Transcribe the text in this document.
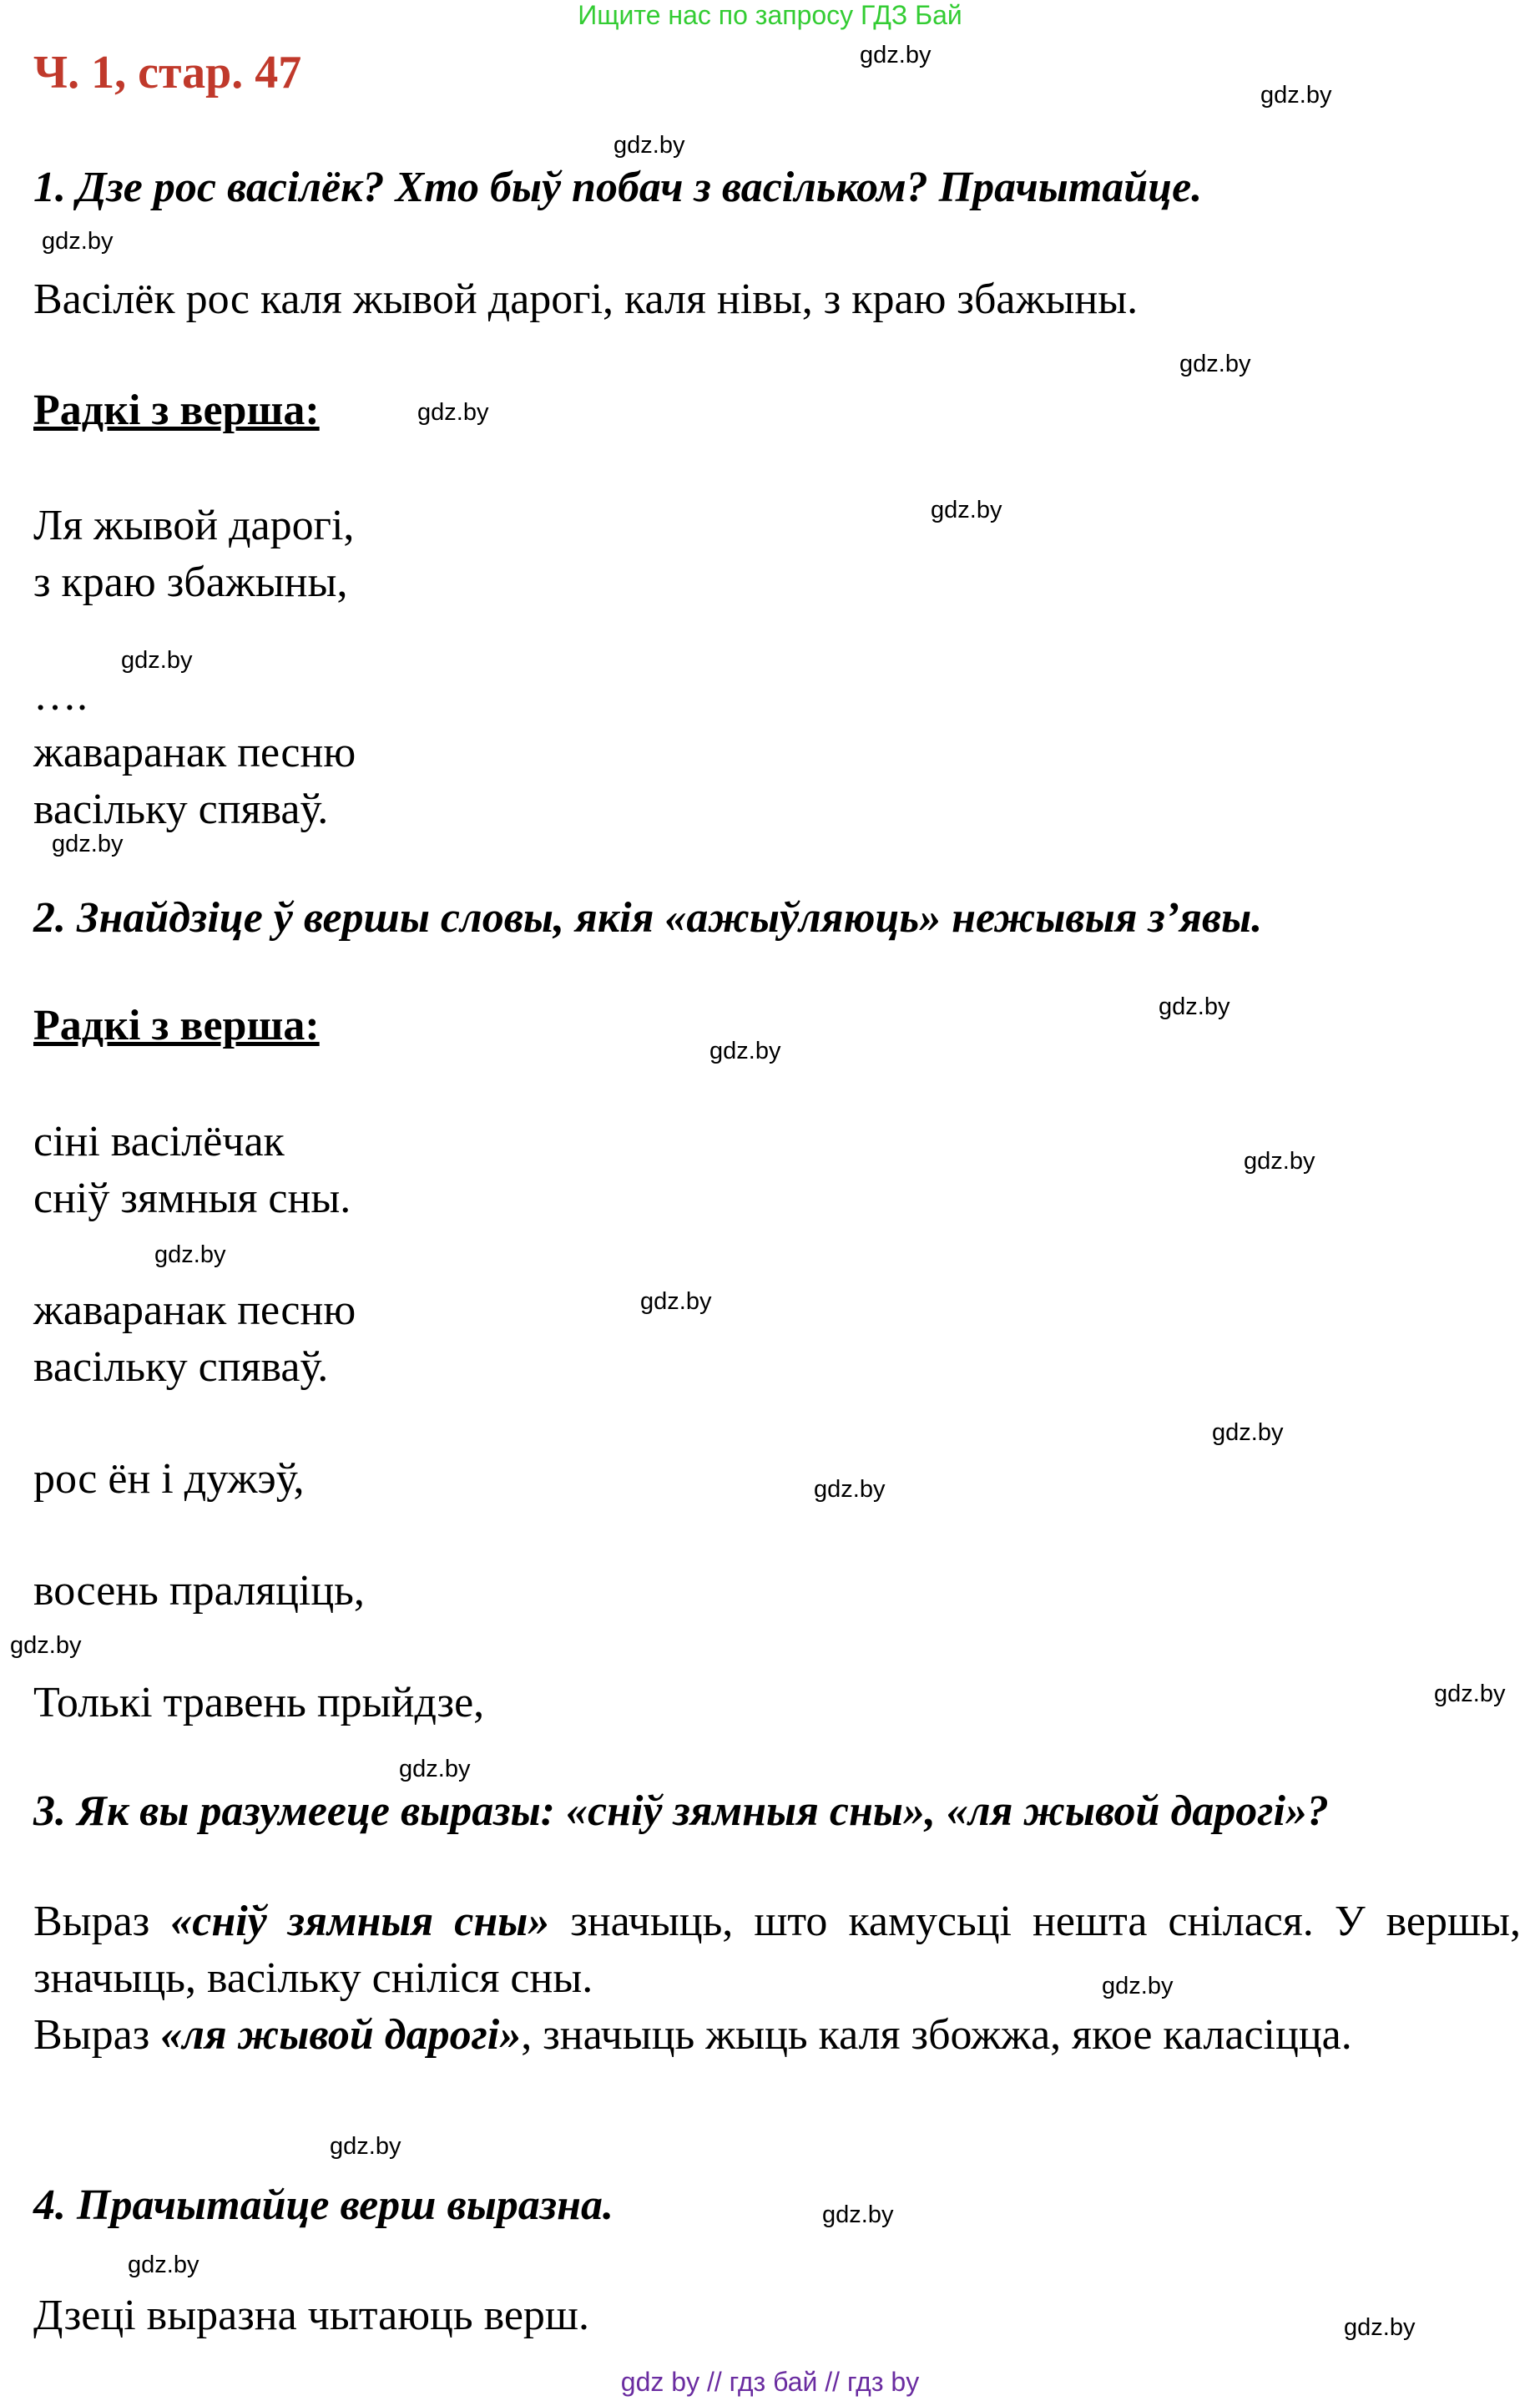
Ищите нас по запросу ГДЗ Бай
Ч. 1, стар. 47
1. Дзе рос васілёк? Хто быў побач з васільком? Прачытайце.
Васілёк рос каля жывой дарогі, каля нівы, з краю збажыны.
Радкі з верша:
Ля жывой дарогі,
з краю збажыны,
….
жаваранак песню
васільку спяваў.
2. Знайдзіце ў вершы словы, якія «ажыўляюць» нежывыя з’явы.
Радкі з верша:
сіні васілёчак
сніў зямныя сны.
жаваранак песню
васільку спяваў.
рос ён і дужэў,
восень праляціць,
Толькі травень прыйдзе,
3. Як вы разумееце выразы: «сніў зямныя сны», «ля жывой дарогі»?
Выраз «сніў зямныя сны» значыць, што камусьці нешта снілася. У вершы, значыць, васільку сніліся сны.
Выраз «ля жывой дарогі», значыць жыць каля збожжа, якое каласіцца.
4. Прачытайце верш выразна.
Дзеці выразна чытаюць верш.
gdz.by
gdz.by
gdz.by
gdz.by
gdz.by
gdz.by
gdz.by
gdz.by
gdz.by
gdz.by
gdz.by
gdz.by
gdz.by
gdz.by
gdz.by
gdz.by
gdz.by
gdz.by
gdz.by
gdz.by
gdz.by
gdz.by
gdz.by
gdz.by
gdz by // гдз бай // гдз by
